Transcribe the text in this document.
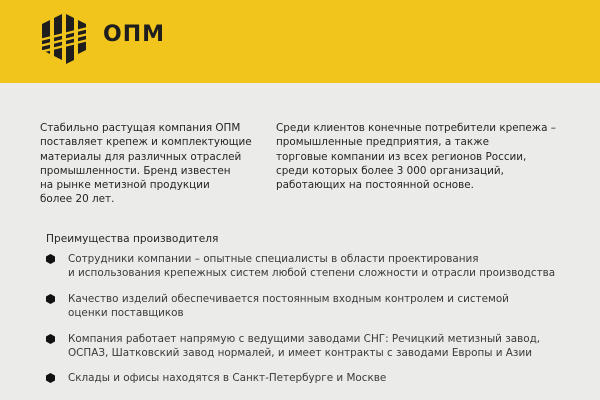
ОПМ
Стабильно растущая компания ОПМ
поставляет крепеж и комплектующие
материалы для различных отраслей
промышленности. Бренд известен
на рынке метизной продукции
более 20 лет.
Среди клиентов конечные потребители крепежа –
промышленные предприятия, а также
торговые компании из всех регионов России,
среди которых более 3 000 организаций,
работающих на постоянной основе.
Преимущества производителя
Сотрудники компании – опытные специалисты в области проектирования
и использования крепежных систем любой степени сложности и отрасли производства
Качество изделий обеспечивается постоянным входным контролем и системой
оценки поставщиков
Компания работает напрямую с ведущими заводами СНГ: Речицкий метизный завод,
ОСПАЗ, Шатковский завод нормалей, и имеет контракты с заводами Европы и Азии
Склады и офисы находятся в Санкт-Петербурге и Москве
